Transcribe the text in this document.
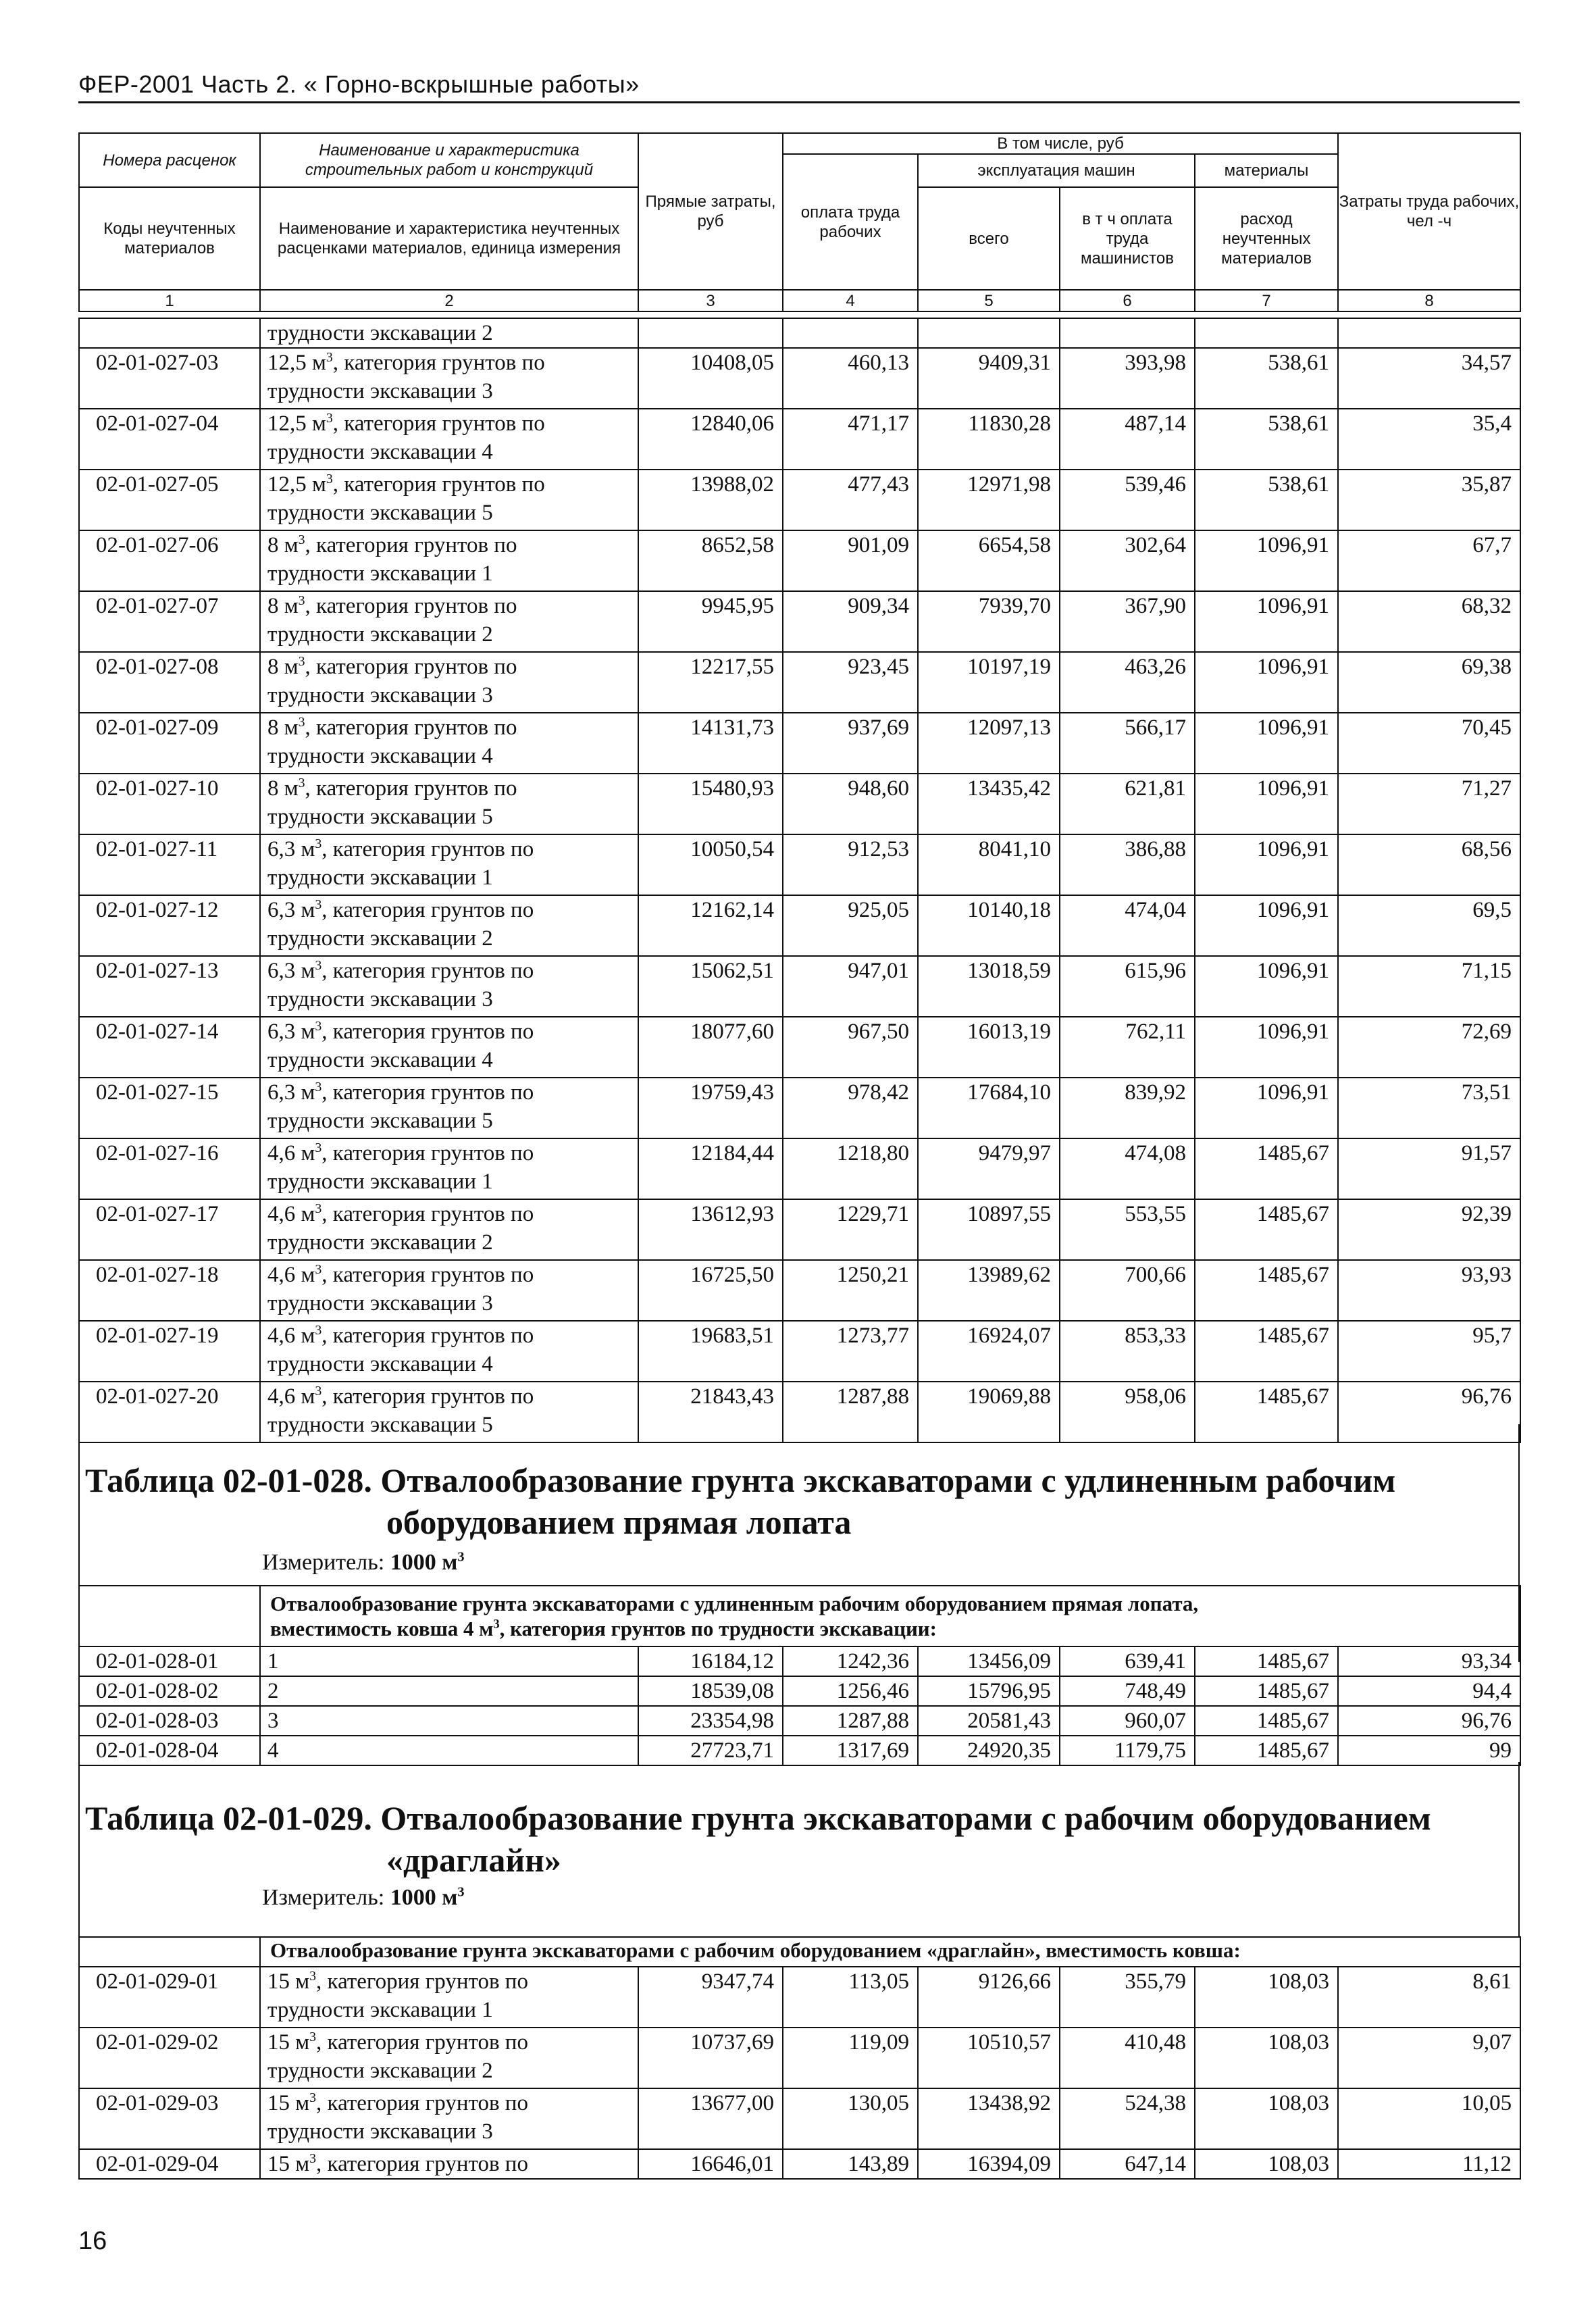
ФЕР-2001 Часть 2. « Горно-вскрышные работы»
Номера расценок	Наименование и характеристика строительных работ и конструкций	Прямые затраты, руб	В том числе, руб				Затраты труда рабочих, чел -ч
			оплата труда рабочих	эксплуатация машин		материалы	
Коды неучтенных материалов	Наименование и характеристика неучтенных расценками материалов, единица измерения			всего	в т ч оплата труда машинистов	расход неучтенных материалов	

1	2	3	4	5	6	7	8
	трудности экскавации 2						
02-01-027-03	12,5 $м^3$, категория грунтов по
трудности экскавации 3	10408,05	460,13	9409,31	393,98	538,61	34,57
02-01-027-04	12,5 $м^3$, категория грунтов по
трудности экскавации 4	12840,06	471,17	11830,28	487,14	538,61	35,4
02-01-027-05	12,5 $м^3$, категория грунтов по
трудности экскавации 5	13988,02	477,43	12971,98	539,46	538,61	35,87
02-01-027-06	8 $м^3$, категория грунтов по
трудности экскавации 1	8652,58	901,09	6654,58	302,64	1096,91	67,7
02-01-027-07	8 $м^3$, категория грунтов по
трудности экскавации 2	9945,95	909,34	7939,70	367,90	1096,91	68,32
02-01-027-08	8 $м^3$, категория грунтов по
трудности экскавации 3	12217,55	923,45	10197,19	463,26	1096,91	69,38
02-01-027-09	8 $м^3$, категория грунтов по
трудности экскавации 4	14131,73	937,69	12097,13	566,17	1096,91	70,45
02-01-027-10	8 $м^3$, категория грунтов по
трудности экскавации 5	15480,93	948,60	13435,42	621,81	1096,91	71,27
02-01-027-11	6,3 $м^3$, категория грунтов по
трудности экскавации 1	10050,54	912,53	8041,10	386,88	1096,91	68,56
02-01-027-12	6,3 $м^3$, категория грунтов по
трудности экскавации 2	12162,14	925,05	10140,18	474,04	1096,91	69,5
02-01-027-13	6,3 $м^3$, категория грунтов по
трудности экскавации 3	15062,51	947,01	13018,59	615,96	1096,91	71,15
02-01-027-14	6,3 $м^3$, категория грунтов по
трудности экскавации 4	18077,60	967,50	16013,19	762,11	1096,91	72,69
02-01-027-15	6,3 $м^3$, категория грунтов по
трудности экскавации 5	19759,43	978,42	17684,10	839,92	1096,91	73,51
02-01-027-16	4,6 $м^3$, категория грунтов по
трудности экскавации 1	12184,44	1218,80	9479,97	474,08	1485,67	91,57
02-01-027-17	4,6 $м^3$, категория грунтов по
трудности экскавации 2	13612,93	1229,71	10897,55	553,55	1485,67	92,39
02-01-027-18	4,6 $м^3$, категория грунтов по
трудности экскавации 3	16725,50	1250,21	13989,62	700,66	1485,67	93,93
02-01-027-19	4,6 $м^3$, категория грунтов по
трудности экскавации 4	19683,51	1273,77	16924,07	853,33	1485,67	95,7
02-01-027-20	4,6 $м^3$, категория грунтов по
трудности экскавации 5	21843,43	1287,88	19069,88	958,06	1485,67	96,76
Таблица 02-01-028. Отвалообразование грунта экскаваторами с удлиненным рабочим
оборудованием прямая лопата
Измеритель: 1000 $м^3$
	Отвалообразование грунта экскаваторами с удлиненным рабочим оборудованием прямая лопата,
вместимость ковша 4 $м^3$, категория грунтов по трудности экскавации:						
02-01-028-01	1	16184,12	1242,36	13456,09	639,41	1485,67	93,34
02-01-028-02	2	18539,08	1256,46	15796,95	748,49	1485,67	94,4
02-01-028-03	3	23354,98	1287,88	20581,43	960,07	1485,67	96,76
02-01-028-04	4	27723,71	1317,69	24920,35	1179,75	1485,67	99
Таблица 02-01-029. Отвалообразование грунта экскаваторами с рабочим оборудованием
«драглайн»
Измеритель: 1000 $м^3$
	Отвалообразование грунта экскаваторами с рабочим оборудованием «драглайн», вместимость ковша:						
02-01-029-01	15 $м^3$, категория грунтов по
трудности экскавации 1	9347,74	113,05	9126,66	355,79	108,03	8,61
02-01-029-02	15 $м^3$, категория грунтов по
трудности экскавации 2	10737,69	119,09	10510,57	410,48	108,03	9,07
02-01-029-03	15 $м^3$, категория грунтов по
трудности экскавации 3	13677,00	130,05	13438,92	524,38	108,03	10,05
02-01-029-04	15 $м^3$, категория грунтов по	16646,01	143,89	16394,09	647,14	108,03	11,12
16
